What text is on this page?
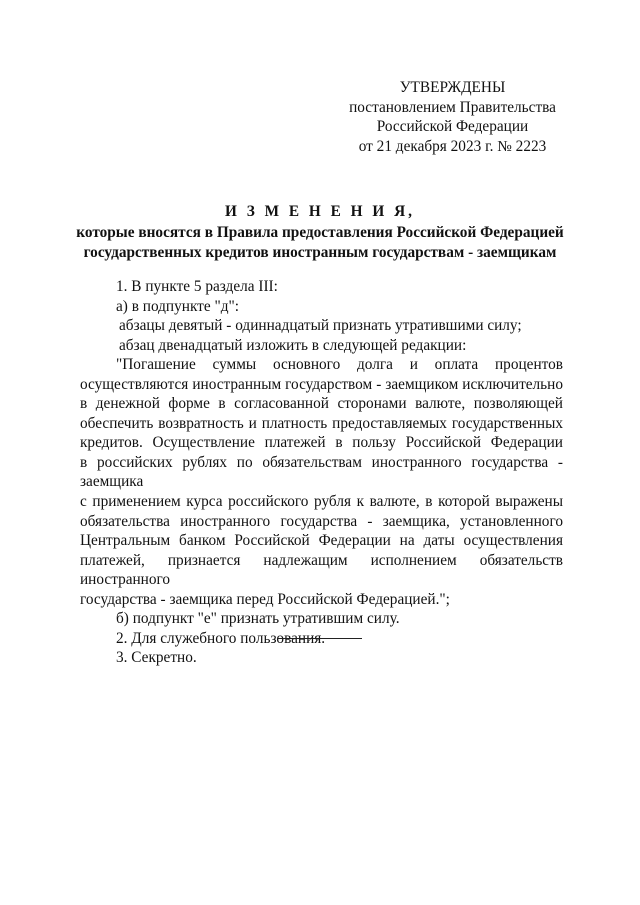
УТВЕРЖДЕНЫ
постановлением Правительства
Российской Федерации
от 21 декабря 2023 г. № 2223
И З М Е Н Е Н И Я,
которые вносятся в Правила предоставления Российской Федерацией
государственных кредитов иностранным государствам - заемщикам
1. В пункте 5 раздела III:
а) в подпункте "д":
абзацы девятый - одиннадцатый признать утратившими силу;
абзац двенадцатый изложить в следующей редакции:
"Погашение суммы основного долга и оплата процентов
осуществляются иностранным государством - заемщиком исключительно
в денежной форме в согласованной сторонами валюте, позволяющей
обеспечить возвратность и платность предоставляемых государственных
кредитов. Осуществление платежей в пользу Российской Федерации
в российских рублях по обязательствам иностранного государства - заемщика
с применением курса российского рубля к валюте, в которой выражены
обязательства иностранного государства - заемщика, установленного
Центральным банком Российской Федерации на даты осуществления
платежей, признается надлежащим исполнением обязательств иностранного
государства - заемщика перед Российской Федерацией.";
б) подпункт "е" признать утратившим силу.
2. Для служебного пользования.
3. Секретно.
